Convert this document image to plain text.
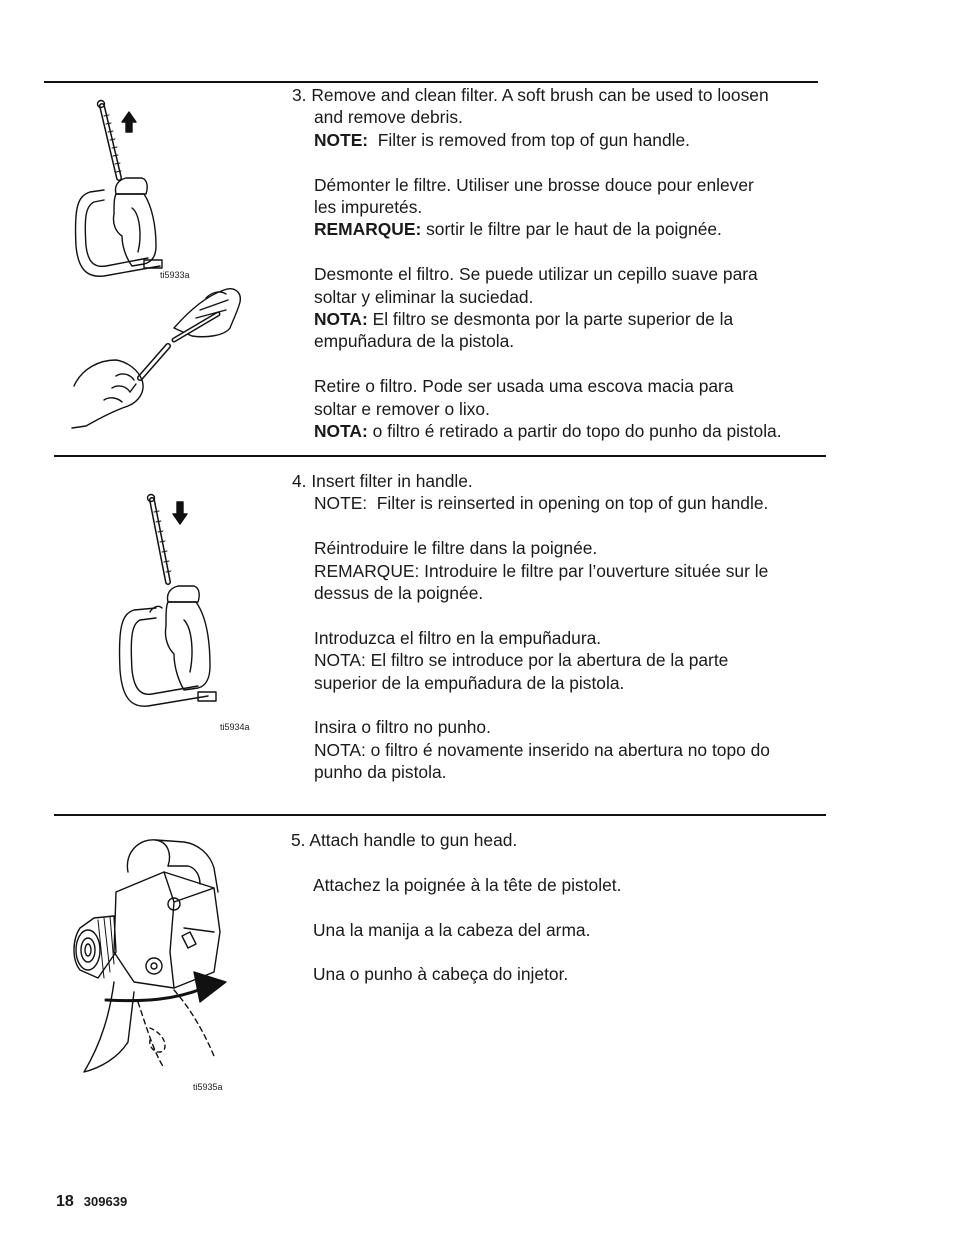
ti5933a

3. Remove and clean filter. A soft brush can be used to loosen

and remove debris.

NOTE:  Filter is removed from top of gun handle.

Démonter le filtre. Utiliser une brosse douce pour enlever

les impuretés.

REMARQUE: sortir le filtre par le haut de la poignée.

Desmonte el filtro. Se puede utilizar un cepillo suave para

soltar y eliminar la suciedad.

NOTA: El filtro se desmonta por la parte superior de la

empuñadura de la pistola.

Retire o filtro. Pode ser usada uma escova macia para

soltar e remover o lixo.

NOTA: o filtro é retirado a partir do topo do punho da pistola.

ti5934a

4. Insert filter in handle.

NOTE:  Filter is reinserted in opening on top of gun handle.

Réintroduire le filtre dans la poignée.

REMARQUE: Introduire le filtre par l’ouverture située sur le

dessus de la poignée.

Introduzca el filtro en la empuñadura.

NOTA: El filtro se introduce por la abertura de la parte

superior de la empuñadura de la pistola.

Insira o filtro no punho.

NOTA: o filtro é novamente inserido na abertura no topo do

punho da pistola.

ti5935a

5. Attach handle to gun head.

Attachez la poignée à la tête de pistolet.

Una la manija a la cabeza del arma.

Una o punho à cabeça do injetor.

18 309639
